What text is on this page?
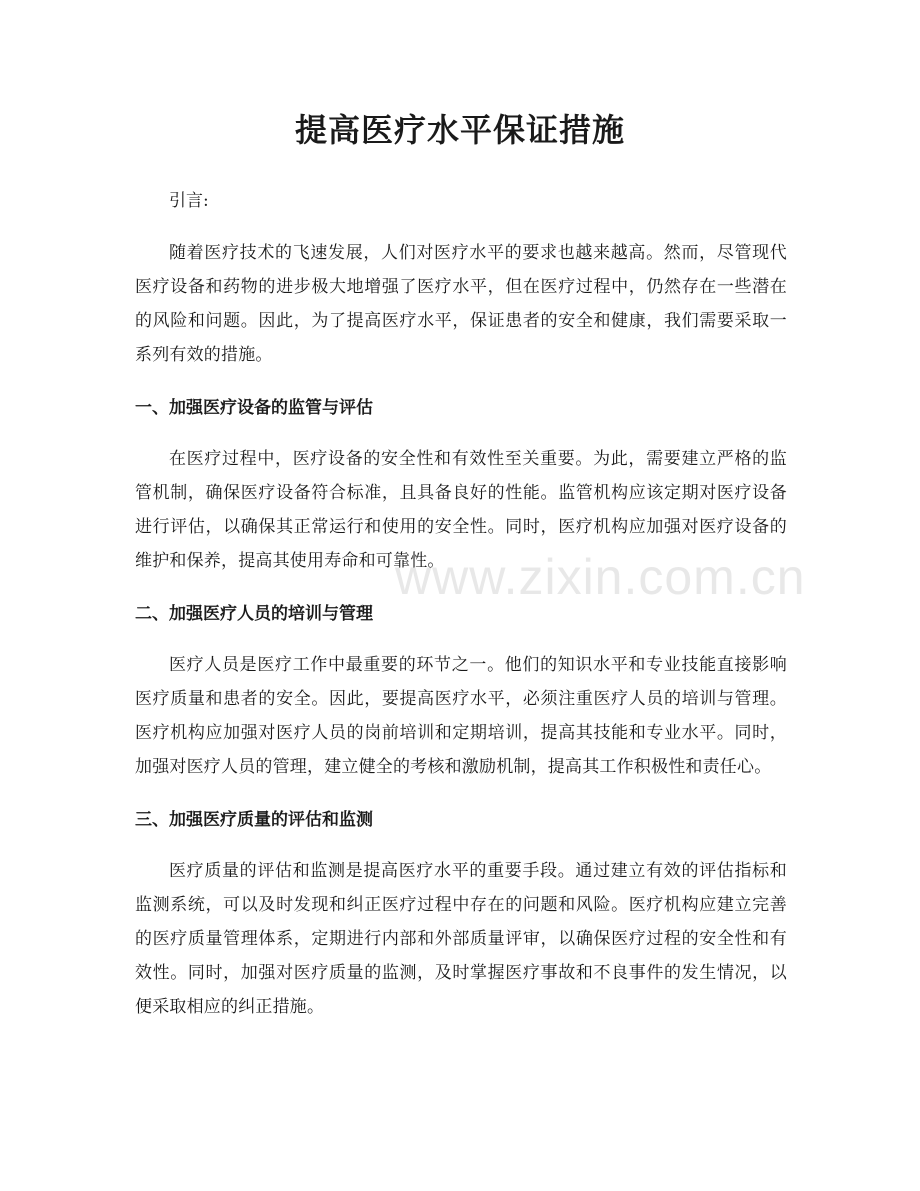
提高医疗水平保证措施

引言:

随着医疗技术的飞速发展，人们对医疗水平的要求也越来越高。然而，尽管现代医疗设备和药物的进步极大地增强了医疗水平，但在医疗过程中，仍然存在一些潜在的风险和问题。因此，为了提高医疗水平，保证患者的安全和健康，我们需要采取一系列有效的措施。

一、加强医疗设备的监管与评估

在医疗过程中，医疗设备的安全性和有效性至关重要。为此，需要建立严格的监管机制，确保医疗设备符合标准，且具备良好的性能。监管机构应该定期对医疗设备进行评估，以确保其正常运行和使用的安全性。同时，医疗机构应加强对医疗设备的维护和保养，提高其使用寿命和可靠性。

二、加强医疗人员的培训与管理

医疗人员是医疗工作中最重要的环节之一。他们的知识水平和专业技能直接影响医疗质量和患者的安全。因此，要提高医疗水平，必须注重医疗人员的培训与管理。医疗机构应加强对医疗人员的岗前培训和定期培训，提高其技能和专业水平。同时，加强对医疗人员的管理，建立健全的考核和激励机制，提高其工作积极性和责任心。

三、加强医疗质量的评估和监测

医疗质量的评估和监测是提高医疗水平的重要手段。通过建立有效的评估指标和监测系统，可以及时发现和纠正医疗过程中存在的问题和风险。医疗机构应建立完善的医疗质量管理体系，定期进行内部和外部质量评审，以确保医疗过程的安全性和有效性。同时，加强对医疗质量的监测，及时掌握医疗事故和不良事件的发生情况，以便采取相应的纠正措施。

www.zixin.com.cn
